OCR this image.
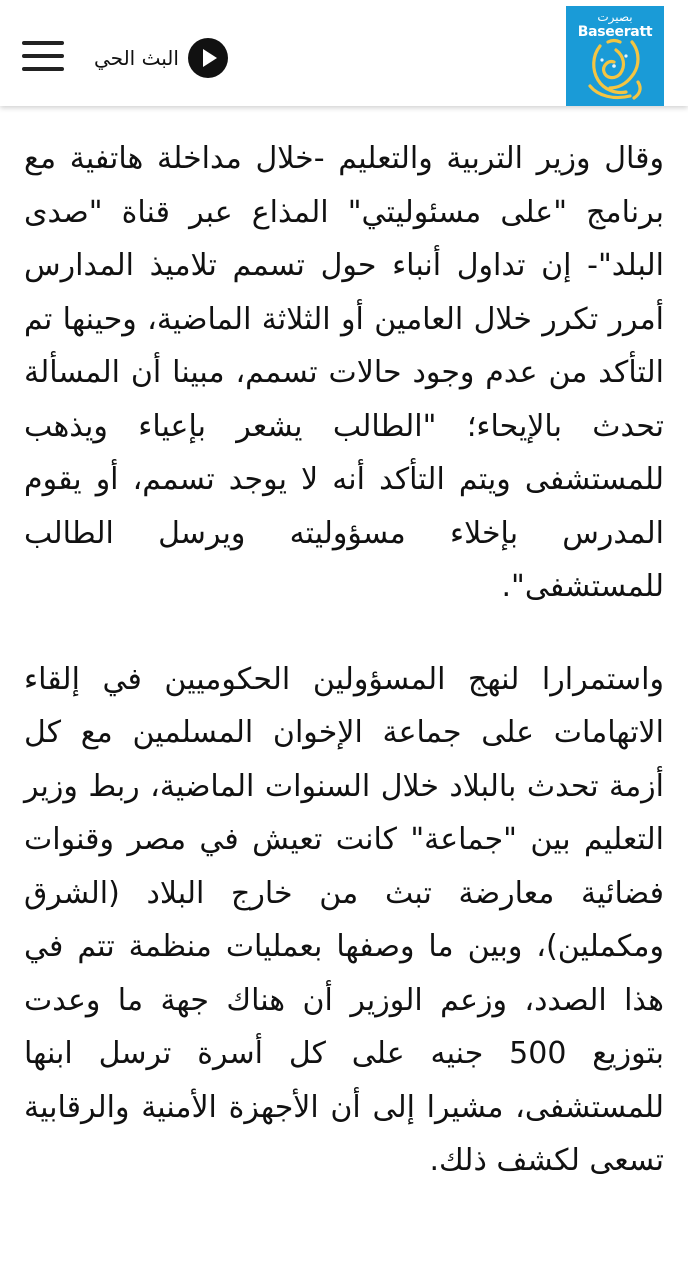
البث الحي
بصيرت
Baseeratt

وقال وزير التربية والتعليم -خلال مداخلة هاتفية مع برنامج "على مسئوليتي" المذاع عبر قناة "صدى البلد"- إن تداول أنباء حول تسمم تلاميذ المدارس أمرر تكرر خلال العامين أو الثلاثة الماضية، وحينها تم التأكد من عدم وجود حالات تسمم، مبينا أن المسألة تحدث بالإيحاء؛ "الطالب يشعر بإعياء ويذهب للمستشفى ويتم التأكد أنه لا يوجد تسمم، أو يقوم المدرس بإخلاء مسؤوليته ويرسل الطالب للمستشفى".

واستمرارا لنهج المسؤولين الحكوميين في إلقاء الاتهامات على جماعة الإخوان المسلمين مع كل أزمة تحدث بالبلاد خلال السنوات الماضية، ربط وزير التعليم بين "جماعة" كانت تعيش في مصر وقنوات فضائية معارضة تبث من خارج البلاد (الشرق ومكملين)، وبين ما وصفها بعمليات منظمة تتم في هذا الصدد، وزعم الوزير أن هناك جهة ما وعدت بتوزيع 500 جنيه على كل أسرة ترسل ابنها للمستشفى، مشيرا إلى أن الأجهزة الأمنية والرقابية تسعى لكشف ذلك.
